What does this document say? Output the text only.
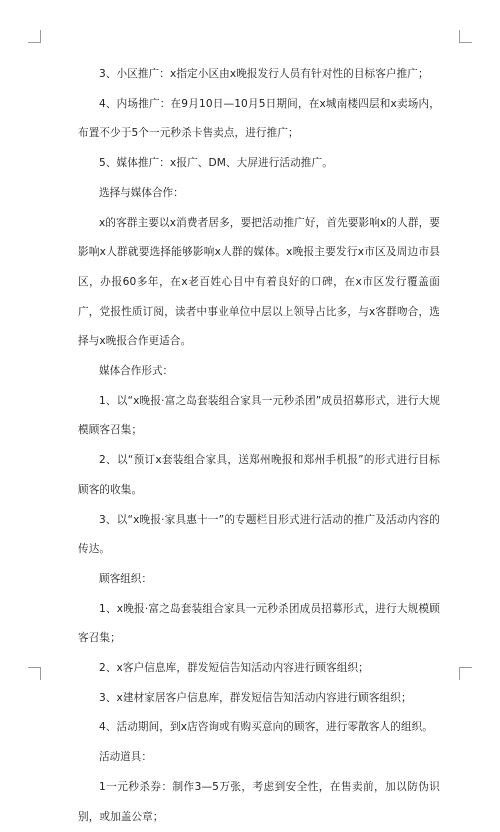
3、小区推广：x指定小区由x晚报发行人员有针对性的目标客户推广；

4、内场推广：在9月10日—10月5日期间，在x城南楼四层和x卖场内，布置不少于5个一元秒杀卡售卖点，进行推广；

5、媒体推广：x报广、DM、大屏进行活动推广。

选择与媒体合作：

x的客群主要以x消费者居多，要把活动推广好，首先要影响x的人群，要影响x人群就要选择能够影响x人群的媒体。x晚报主要发行x市区及周边市县区，办报60多年，在x老百姓心目中有着良好的口碑，在x市区发行覆盖面广，党报性质订阅，读者中事业单位中层以上领导占比多，与x客群吻合，选择与x晚报合作更适合。

媒体合作形式：

1、以“x晚报·富之岛套装组合家具一元秒杀团”成员招募形式，进行大规模顾客召集；

2、以“预订x套装组合家具，送郑州晚报和郑州手机报”的形式进行目标顾客的收集。

3、以“x晚报·家具惠十一”的专题栏目形式进行活动的推广及活动内容的传达。

顾客组织：

1、x晚报·富之岛套装组合家具一元秒杀团成员招募形式，进行大规模顾客召集；

2、x客户信息库，群发短信告知活动内容进行顾客组织；

3、x建材家居客户信息库，群发短信告知活动内容进行顾客组织；

4、活动期间，到x店咨询或有购买意向的顾客，进行零散客人的组织。

活动道具：

1一元秒杀券：制作3—5万张，考虑到安全性，在售卖前，加以防伪识别，或加盖公章；
